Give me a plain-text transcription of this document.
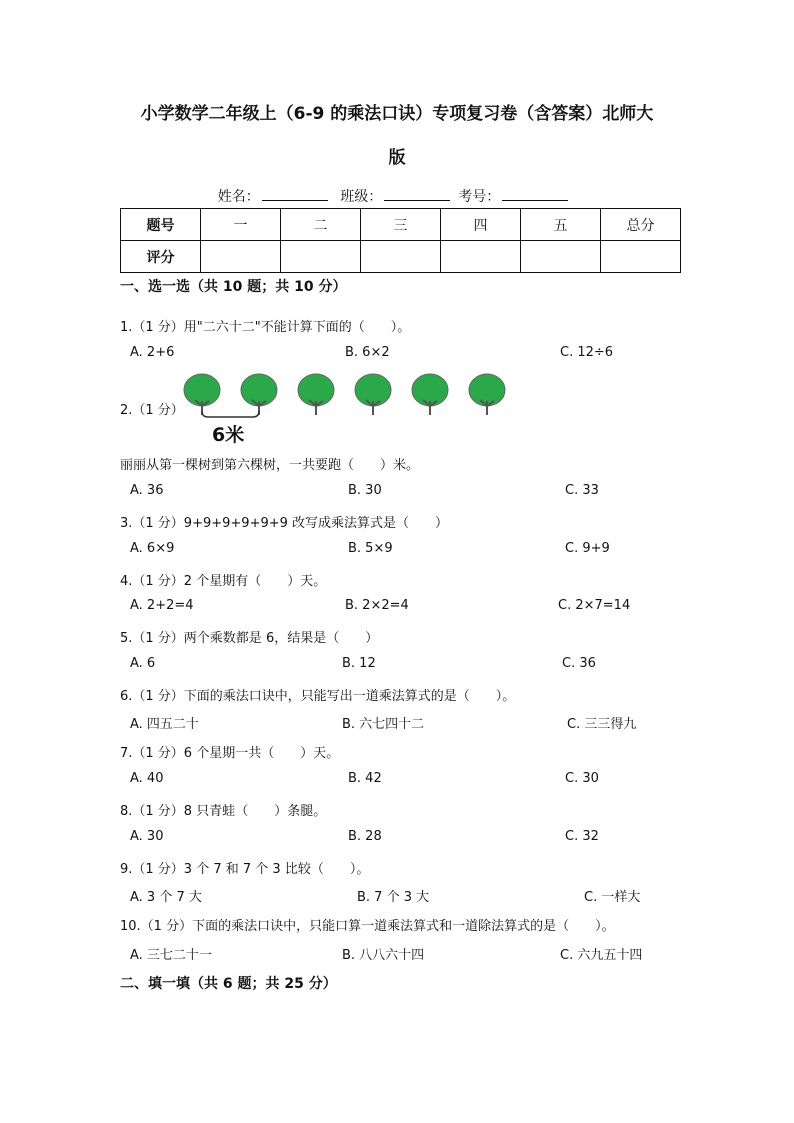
小学数学二年级上（6-9 的乘法口诀）专项复习卷（含答案）北师大
版
姓名：	班级：	考号：
题号	一	二	三	四	五	总分
评分						
一、选一选（共 10 题；共 10 分）
1.（1 分）用"二六十二"不能计算下面的（　　）。
A. 2+6	B. 6×2	C. 12÷6
2.（1 分）
6米
丽丽从第一棵树到第六棵树，一共要跑（　　）米。
A. 36	B. 30	C. 33
3.（1 分）9+9+9+9+9+9 改写成乘法算式是（　　）
A. 6×9	B. 5×9	C. 9+9
4.（1 分）2 个星期有（　　）天。
A. 2+2=4	B. 2×2=4	C. 2×7=14
5.（1 分）两个乘数都是 6，结果是（　　）
A. 6	B. 12	C. 36
6.（1 分）下面的乘法口诀中，只能写出一道乘法算式的是（　　）。
A. 四五二十	B. 六七四十二	C. 三三得九
7.（1 分）6 个星期一共（　　）天。
A. 40	B. 42	C. 30
8.（1 分）8 只青蛙（　　）条腿。
A. 30	B. 28	C. 32
9.（1 分）3 个 7 和 7 个 3 比较（　　）。
A. 3 个 7 大	B. 7 个 3 大	C. 一样大
10.（1 分）下面的乘法口诀中，只能口算一道乘法算式和一道除法算式的是（　　）。
A. 三七二十一	B. 八八六十四	C. 六九五十四
二、填一填（共 6 题；共 25 分）
